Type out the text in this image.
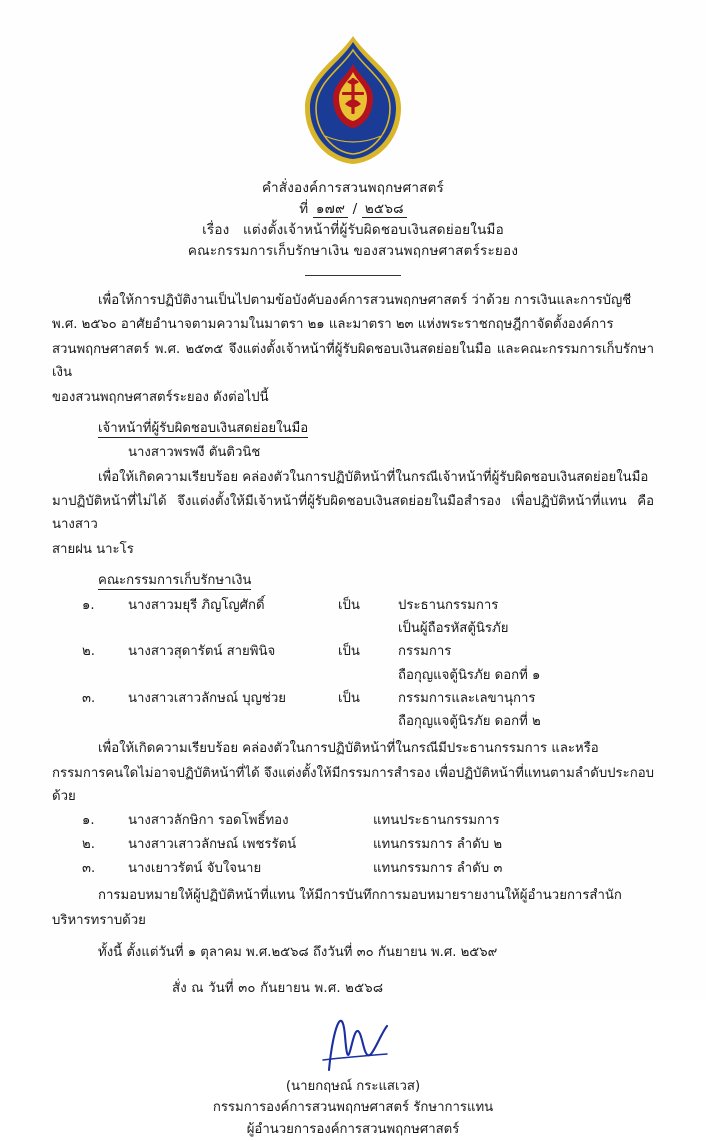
คำสั่งองค์การสวนพฤกษศาสตร์
ที่ ๑๗๙ / ๒๕๖๘
เรื่อง แต่งตั้งเจ้าหน้าที่ผู้รับผิดชอบเงินสดย่อยในมือ
คณะกรรมการเก็บรักษาเงิน ของสวนพฤกษศาสตร์ระยอง

เพื่อให้การปฏิบัติงานเป็นไปตามข้อบังคับองค์การสวนพฤกษศาสตร์ ว่าด้วย การเงินและการบัญชี

พ.ศ. ๒๕๖๐ อาศัยอำนาจตามความในมาตรา ๒๑ และมาตรา ๒๓ แห่งพระราชกฤษฎีกาจัดตั้งองค์การ

สวนพฤกษศาสตร์ พ.ศ. ๒๕๓๕ จึงแต่งตั้งเจ้าหน้าที่ผู้รับผิดชอบเงินสดย่อยในมือ และคณะกรรมการเก็บรักษาเงิน

ของสวนพฤกษศาสตร์ระยอง ดังต่อไปนี้

เจ้าหน้าที่ผู้รับผิดชอบเงินสดย่อยในมือ

นางสาวพรพงี ตันติวนิช

เพื่อให้เกิดความเรียบร้อย คล่องตัวในการปฏิบัติหน้าที่ในกรณีเจ้าหน้าที่ผู้รับผิดชอบเงินสดย่อยในมือ

มาปฏิบัติหน้าที่ไม่ได้ จึงแต่งตั้งให้มีเจ้าหน้าที่ผู้รับผิดชอบเงินสดย่อยในมือสำรอง เพื่อปฏิบัติหน้าที่แทน คือ นางสาว

สายฝน นาะโร

คณะกรรมการเก็บรักษาเงิน
๑.	นางสาวมยุรี ภิญโญศักดิ์	เป็น	ประธานกรรมการ
			เป็นผู้ถือรหัสตู้นิรภัย
๒.	นางสาวสุดารัตน์ สายพินิจ	เป็น	กรรมการ
			ถือกุญแจตู้นิรภัย ดอกที่ ๑
๓.	นางสาวเสาวลักษณ์ บุญช่วย	เป็น	กรรมการและเลขานุการ
			ถือกุญแจตู้นิรภัย ดอกที่ ๒

เพื่อให้เกิดความเรียบร้อย คล่องตัวในการปฏิบัติหน้าที่ในกรณีมีประธานกรรมการ และหรือ

กรรมการคนใดไม่อาจปฏิบัติหน้าที่ได้ จึงแต่งตั้งให้มีกรรมการสำรอง เพื่อปฏิบัติหน้าที่แทนตามลำดับประกอบด้วย

๑.	นางสาวลักษิกา รอดโพธิ์ทอง	แทนประธานกรรมการ
๒.	นางสาวเสาวลักษณ์ เพชรรัตน์	แทนกรรมการ ลำดับ ๒
๓.	นางเยาวรัตน์ จับใจนาย	แทนกรรมการ ลำดับ ๓

การมอบหมายให้ผู้ปฏิบัติหน้าที่แทน ให้มีการบันทึกการมอบหมายรายงานให้ผู้อำนวยการสำนัก

บริหารทราบด้วย

ทั้งนี้ ตั้งแต่วันที่ ๑ ตุลาคม พ.ศ.๒๕๖๘ ถึงวันที่ ๓๐ กันยายน พ.ศ. ๒๕๖๙

สั่ง ณ วันที่ ๓๐ กันยายน พ.ศ. ๒๕๖๘

(นายกฤษณ์ กระแสเวส)
กรรมการองค์การสวนพฤกษศาสตร์ รักษาการแทน
ผู้อำนวยการองค์การสวนพฤกษศาสตร์
